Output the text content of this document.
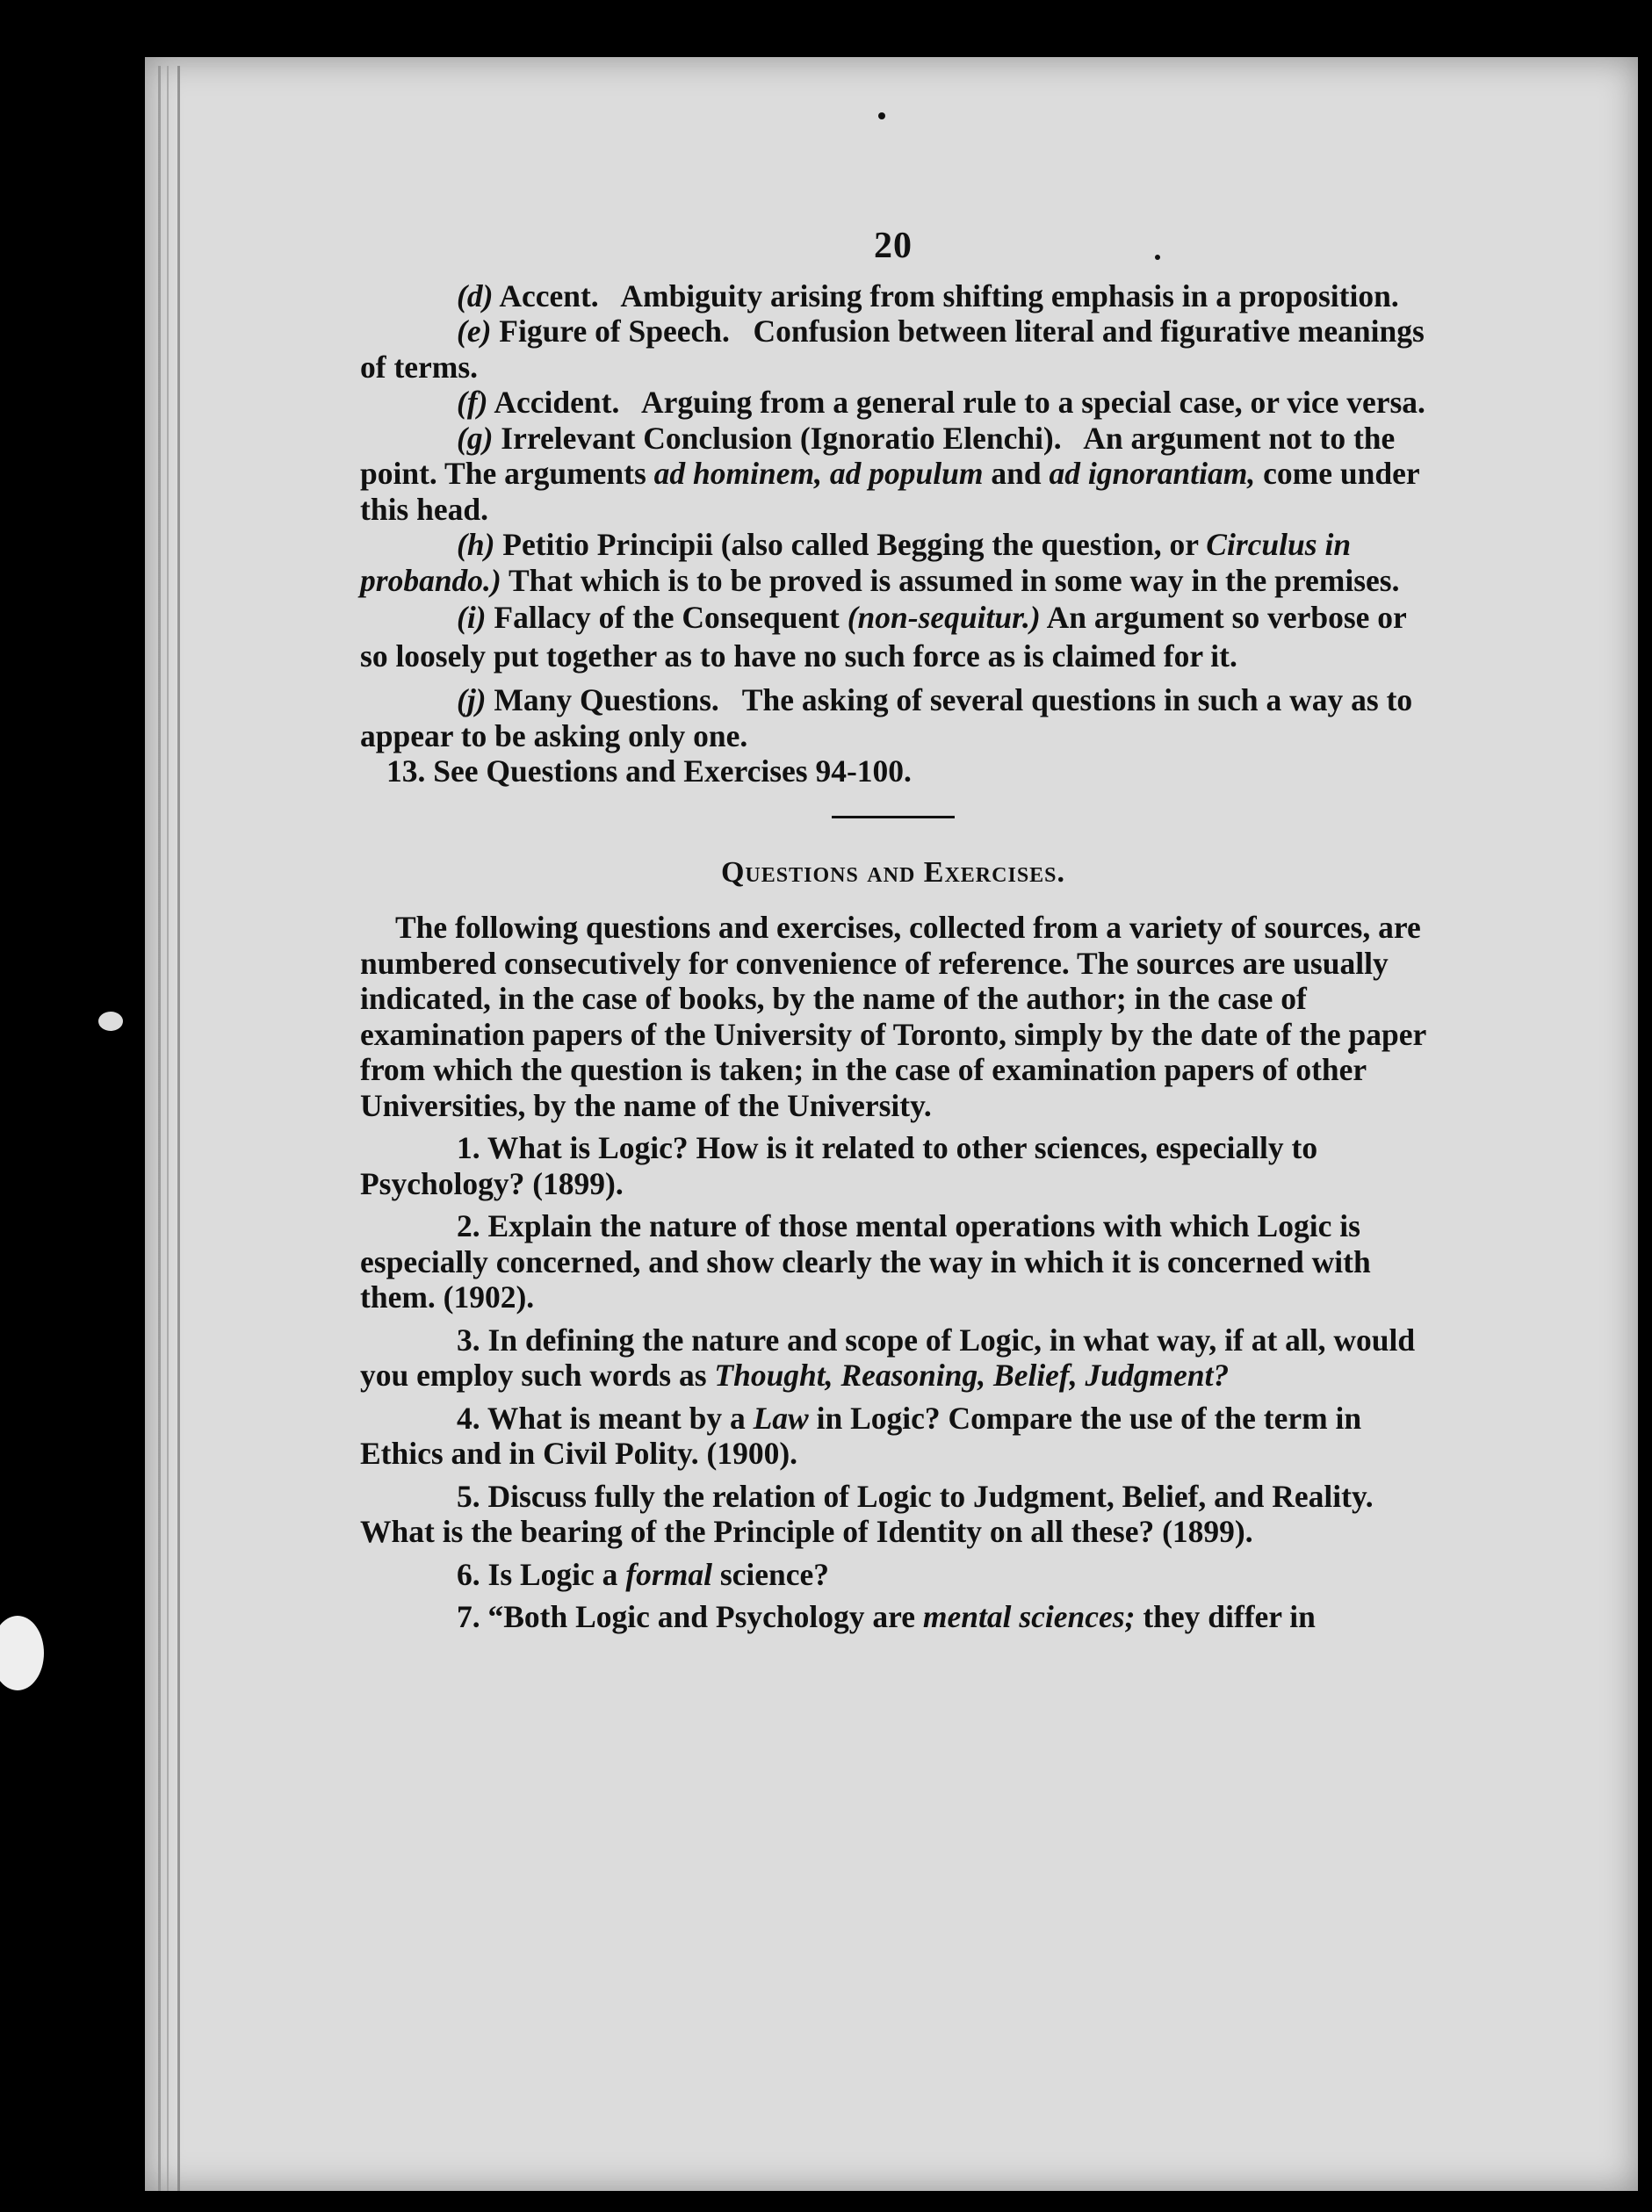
20

(d) Accent. Ambiguity arising from shifting emphasis in a proposition.

(e) Figure of Speech. Confusion between literal and figurative meanings of terms.

(f) Accident. Arguing from a general rule to a special case, or vice versa.

(g) Irrelevant Conclusion (Ignoratio Elenchi). An argument not to the point. The arguments ad hominem, ad populum and ad ignorantiam, come under this head.

(h) Petitio Principii (also called Begging the question, or Circulus in probando.) That which is to be proved is assumed in some way in the premises.

(i) Fallacy of the Consequent (non-sequitur.) An argument so verbose or so loosely put together as to have no such force as is claimed for it.

(j) Many Questions. The asking of several questions in such a way as to appear to be asking only one.

13. See Questions and Exercises 94-100.

Questions and Exercises.

The following questions and exercises, collected from a variety of sources, are numbered consecutively for convenience of reference. The sources are usually indicated, in the case of books, by the name of the author; in the case of examination papers of the University of Toronto, simply by the date of the paper from which the question is taken; in the case of examination papers of other Universities, by the name of the University.

1. What is Logic? How is it related to other sciences, especially to Psychology? (1899).

2. Explain the nature of those mental operations with which Logic is especially concerned, and show clearly the way in which it is concerned with them. (1902).

3. In defining the nature and scope of Logic, in what way, if at all, would you employ such words as Thought, Reasoning, Belief, Judgment?

4. What is meant by a Law in Logic? Compare the use of the term in Ethics and in Civil Polity. (1900).

5. Discuss fully the relation of Logic to Judgment, Belief, and Reality. What is the bearing of the Principle of Identity on all these? (1899).

6. Is Logic a formal science?

7. “Both Logic and Psychology are mental sciences; they differ in
